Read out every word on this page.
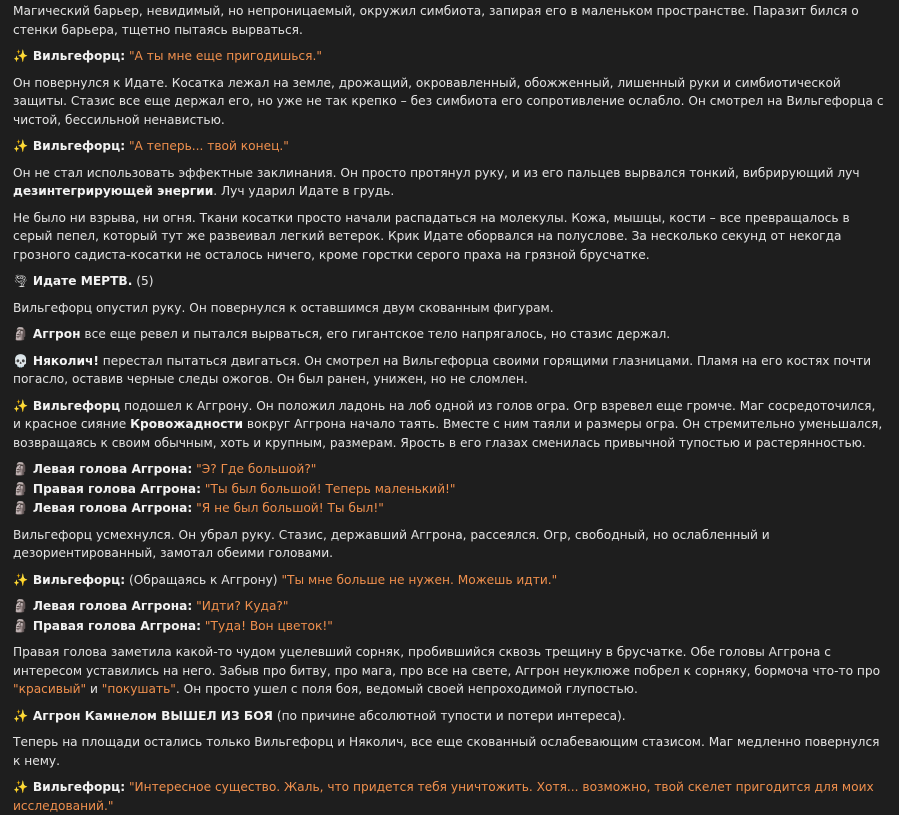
Магический барьер, невидимый, но непроницаемый, окружил симбиота, запирая его в маленьком пространстве. Паразит бился о стенки барьера, тщетно пытаясь вырваться.

✨ Вильгефорц: "А ты мне еще пригодишься."

Он повернулся к Идате. Косатка лежал на земле, дрожащий, окровавленный, обожженный, лишенный руки и симбиотической защиты. Стазис все еще держал его, но уже не так крепко – без симбиота его сопротивление ослабло. Он смотрел на Вильгефорца с чистой, бессильной ненавистью.

✨ Вильгефорц: "А теперь... твой конец."

Он не стал использовать эффектные заклинания. Он просто протянул руку, и из его пальцев вырвался тонкий, вибрирующий луч дезинтегрирующей энергии. Луч ударил Идате в грудь.

Не было ни взрыва, ни огня. Ткани косатки просто начали распадаться на молекулы. Кожа, мышцы, кости – все превращалось в серый пепел, который тут же развеивал легкий ветерок. Крик Идате оборвался на полуслове. За несколько секунд от некогда грозного садиста-косатки не осталось ничего, кроме горстки серого праха на грязной брусчатке.

🌪 Идате МЕРТВ. (5)

Вильгефорц опустил руку. Он повернулся к оставшимся двум скованным фигурам.

🗿 Аггрон все еще ревел и пытался вырваться, его гигантское тело напрягалось, но стазис держал.

💀 Няколич! перестал пытаться двигаться. Он смотрел на Вильгефорца своими горящими глазницами. Пламя на его костях почти погасло, оставив черные следы ожогов. Он был ранен, унижен, но не сломлен.

✨ Вильгефорц подошел к Аггрону. Он положил ладонь на лоб одной из голов огра. Огр взревел еще громче. Маг сосредоточился, и красное сияние Кровожадности вокруг Аггрона начало таять. Вместе с ним таяли и размеры огра. Он стремительно уменьшался, возвращаясь к своим обычным, хоть и крупным, размерам. Ярость в его глазах сменилась привычной тупостью и растерянностью.

🗿 Левая голова Аггрона: "Э? Где большой?"

🗿 Правая голова Аггрона: "Ты был большой! Теперь маленький!"

🗿 Левая голова Аггрона: "Я не был большой! Ты был!"

Вильгефорц усмехнулся. Он убрал руку. Стазис, державший Аггрона, рассеялся. Огр, свободный, но ослабленный и дезориентированный, замотал обеими головами.

✨ Вильгефорц: (Обращаясь к Аггрону) "Ты мне больше не нужен. Можешь идти."

🗿 Левая голова Аггрона: "Идти? Куда?"

🗿 Правая голова Аггрона: "Туда! Вон цветок!"

Правая голова заметила какой-то чудом уцелевший сорняк, пробившийся сквозь трещину в брусчатке. Обе головы Аггрона с интересом уставились на него. Забыв про битву, про мага, про все на свете, Аггрон неуклюже побрел к сорняку, бормоча что-то про "красивый" и "покушать". Он просто ушел с поля боя, ведомый своей непроходимой глупостью.

✨ Аггрон Камнелом ВЫШЕЛ ИЗ БОЯ (по причине абсолютной тупости и потери интереса).

Теперь на площади остались только Вильгефорц и Няколич, все еще скованный ослабевающим стазисом. Маг медленно повернулся к нему.

✨ Вильгефорц: "Интересное существо. Жаль, что придется тебя уничтожить. Хотя... возможно, твой скелет пригодится для моих исследований."
